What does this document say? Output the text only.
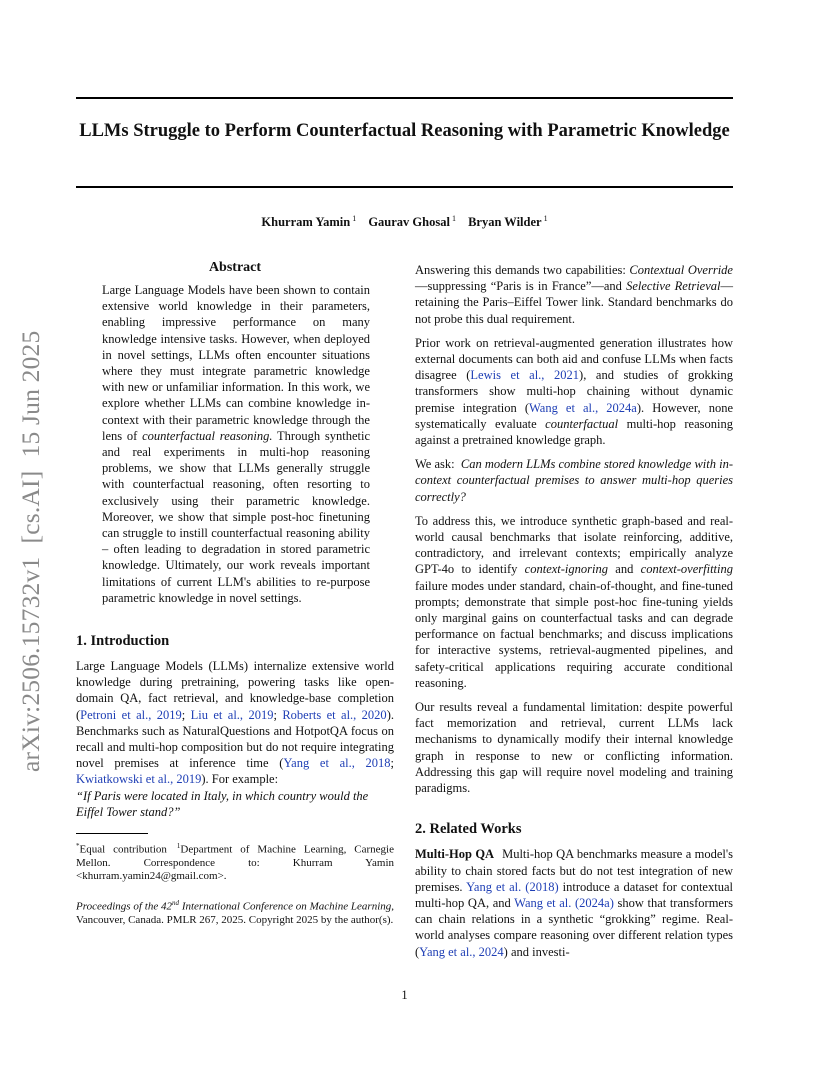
LLMs Struggle to Perform Counterfactual Reasoning with Parametric Knowledge
Khurram Yamin $^1$ Gaurav Ghosal $^1$ Bryan Wilder $^1$
arXiv:2506.15732v1  [cs.AI]  15 Jun 2025
Abstract

Large Language Models have been shown to contain extensive world knowledge in their parameters, enabling impressive performance on many knowledge intensive tasks. However, when deployed in novel settings, LLMs often encounter situations where they must integrate parametric knowledge with new or unfamiliar information. In this work, we explore whether LLMs can combine knowledge in-context with their parametric knowledge through the lens of counterfactual reasoning. Through synthetic and real experiments in multi-hop reasoning problems, we show that LLMs generally struggle with counterfactual reasoning, often resorting to exclusively using their parametric knowledge. Moreover, we show that simple post-hoc finetuning can struggle to instill counterfactual reasoning ability – often leading to degradation in stored parametric knowledge. Ultimately, our work reveals important limitations of current LLM's abilities to re-purpose parametric knowledge in novel settings.

1. Introduction

Large Language Models (LLMs) internalize extensive world knowledge during pretraining, powering tasks like open-domain QA, fact retrieval, and knowledge-base completion (Petroni et al., 2019; Liu et al., 2019; Roberts et al., 2020). Benchmarks such as NaturalQuestions and HotpotQA focus on recall and multi-hop composition but do not require integrating novel premises at inference time (Yang et al., 2018; Kwiatkowski et al., 2019). For example:

“If Paris were located in Italy, in which country would the Eiffel Tower stand?”

*Equal contribution $^1$Department of Machine Learning, Carnegie Mellon. Correspondence to: Khurram Yamin <khurram.yamin24@gmail.com>.

Proceedings of the 42nd International Conference on Machine Learning, Vancouver, Canada. PMLR 267, 2025. Copyright 2025 by the author(s).

Answering this demands two capabilities: Contextual Override—suppressing “Paris is in France”—and Selective Retrieval—retaining the Paris–Eiffel Tower link. Standard benchmarks do not probe this dual requirement.

Prior work on retrieval-augmented generation illustrates how external documents can both aid and confuse LLMs when facts disagree (Lewis et al., 2021), and studies of grokking transformers show multi-hop chaining without dynamic premise integration (Wang et al., 2024a). However, none systematically evaluate counterfactual multi-hop reasoning against a pretrained knowledge graph.

We ask:  Can modern LLMs combine stored knowledge with in-context counterfactual premises to answer multi-hop queries correctly?

To address this, we introduce synthetic graph-based and real-world causal benchmarks that isolate reinforcing, additive, contradictory, and irrelevant contexts; empirically analyze GPT-4o to identify context-ignoring and context-overfitting failure modes under standard, chain-of-thought, and fine-tuned prompts; demonstrate that simple post-hoc fine-tuning yields only marginal gains on counterfactual tasks and can degrade performance on factual benchmarks; and discuss implications for interactive systems, retrieval-augmented pipelines, and safety-critical applications requiring accurate conditional reasoning.

Our results reveal a fundamental limitation: despite powerful fact memorization and retrieval, current LLMs lack mechanisms to dynamically modify their internal knowledge graph in response to new or conflicting information. Addressing this gap will require novel modeling and training paradigms.

2. Related Works

Multi-Hop QA Multi-hop QA benchmarks measure a model's ability to chain stored facts but do not test integration of new premises. Yang et al. (2018) introduce a dataset for contextual multi-hop QA, and Wang et al. (2024a) show that transformers can chain relations in a synthetic “grokking” regime. Real-world analyses compare reasoning over different relation types (Yang et al., 2024) and investi-

1
